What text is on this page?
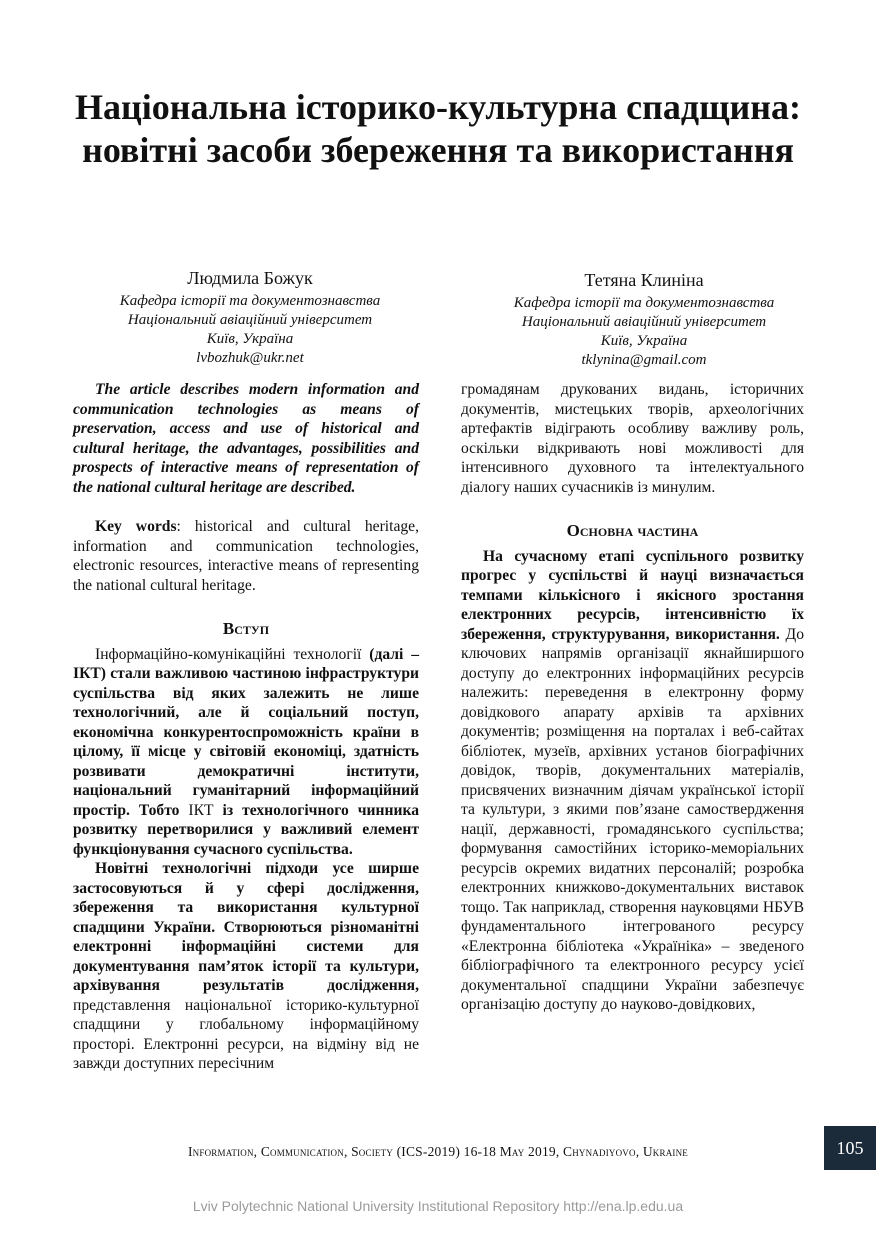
Національна історико-культурна спадщина: новітні засоби збереження та використання
Людмила Божук
Кафедра історії та документознавства
Національний авіаційний університет
Київ, Україна
lvbozhuk@ukr.net
Тетяна Клиніна
Кафедра історії та документознавства
Національний авіаційний університет
Київ, Україна
tklynina@gmail.com

The article describes modern information and communication technologies as means of preservation, access and use of historical and cultural heritage, the advantages, possibilities and prospects of interactive means of representation of the national cultural heritage are described.

Key words: historical and cultural heritage, information and communication technologies, electronic resources, interactive means of representing the national cultural heritage.

Вступ

Інформаційно-комунікаційні технології (далі – ІКТ) стали важливою частиною інфраструктури суспільства від яких залежить не лише технологічний, але й соціальний поступ, економічна конкурентоспроможність країни в цілому, її місце у світовій економіці, здатність розвивати демократичні інститути, національний гуманітарний інформаційний простір. Тобто ІКТ із технологічного чинника розвитку перетворилися у важливий елемент функціонування сучасного суспільства.

Новітні технологічні підходи усе ширше застосовуються й у сфері дослідження, збереження та використання культурної спадщини України. Створюються різноманітні електронні інформаційні системи для документування пам’яток історії та культури, архівування результатів дослідження, представлення національної історико-культурної спадщини у глобальному інформаційному просторі. Електронні ресурси, на відміну від не завжди доступних пересічним

громадянам друкованих видань, історичних документів, мистецьких творів, археологічних артефактів відіграють особливу важливу роль, оскільки відкривають нові можливості для інтенсивного духовного та інтелектуального діалогу наших сучасників із минулим.

Основна частина

На сучасному етапі суспільного розвитку прогрес у суспільстві й науці визначається темпами кількісного і якісного зростання електронних ресурсів, інтенсивністю їх збереження, структурування, використання. До ключових напрямів організації якнайширшого доступу до електронних інформаційних ресурсів належить: переведення в електронну форму довідкового апарату архівів та архівних документів; розміщення на порталах і веб-сайтах бібліотек, музеїв, архівних установ біографічних довідок, творів, документальних матеріалів, присвячених визначним діячам української історії та культури, з якими пов’язане самоствердження нації, державності, громадянського суспільства; формування самостійних історико-меморіальних ресурсів окремих видатних персоналій; розробка електронних книжково-документальних виставок тощо. Так наприклад, створення науковцями НБУВ фундаментального інтегрованого ресурсу «Електронна бібліотека «Україніка» – зведеного бібліографічного та електронного ресурсу усієї документальної спадщини України забезпечує організацію доступу до науково-довідкових,

Information, Communication, Society (ICS-2019) 16-18 May 2019, Chynadiyovo, Ukraine	105
Lviv Polytechnic National University Institutional Repository http://ena.lp.edu.ua
